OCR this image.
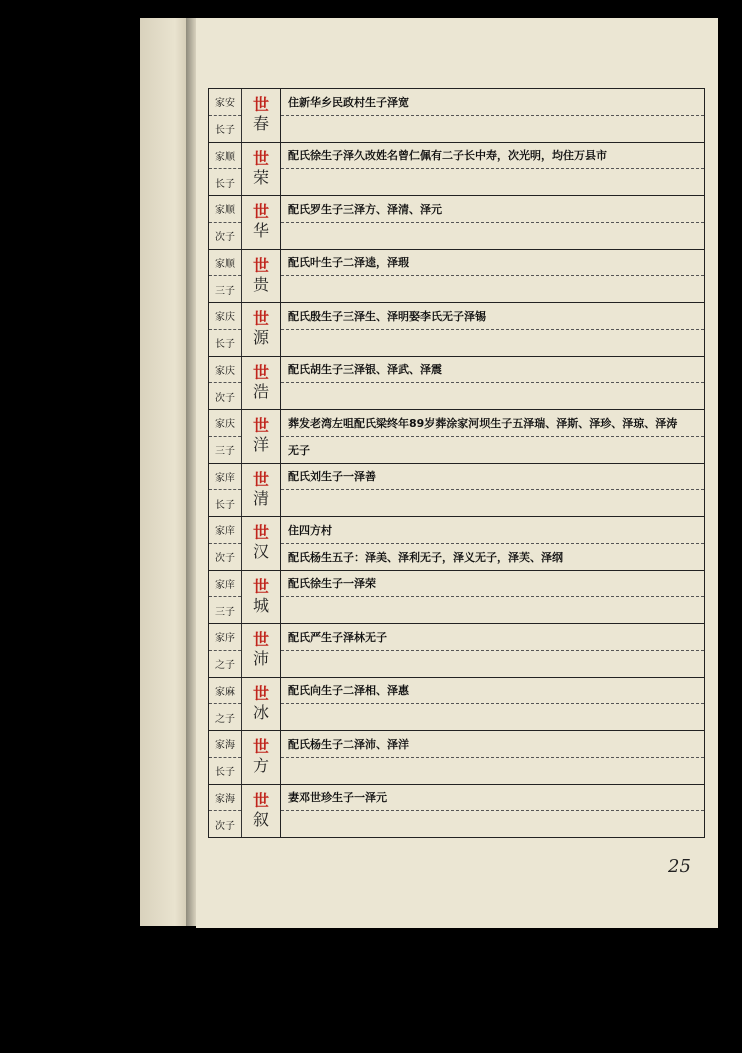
家安
长子
世
春
住新华乡民政村生子泽宽
家顺
长子
世
荣
配氏徐生子泽久改姓名曾仁佩有二子长中寿，次光明，均住万县市
家顺
次子
世
华
配氏罗生子三泽方、泽清、泽元
家顺
三子
世
贵
配氏叶生子二泽逵，泽瑕
家庆
长子
世
源
配氏殷生子三泽生、泽明娶李氏无子泽锡
家庆
次子
世
浩
配氏胡生子三泽银、泽武、泽震
家庆
三子
世
洋
葬发老湾左咀配氏梁终年89岁葬涂家河坝生子五泽瑞、泽斯、泽珍、泽琼、泽涛
无子
家庠
长子
世
清
配氏刘生子一泽善
家庠
次子
世
汉
住四方村
配氏杨生五子：泽美、泽利无子，泽义无子，泽芙、泽纲
家庠
三子
世
城
配氏徐生子一泽荣
家序
之子
世
沛
配氏严生子泽林无子
家麻
之子
世
冰
配氏向生子二泽相、泽惠
家海
长子
世
方
配氏杨生子二泽沛、泽洋
家海
次子
世
叙
妻邓世珍生子一泽元
25
